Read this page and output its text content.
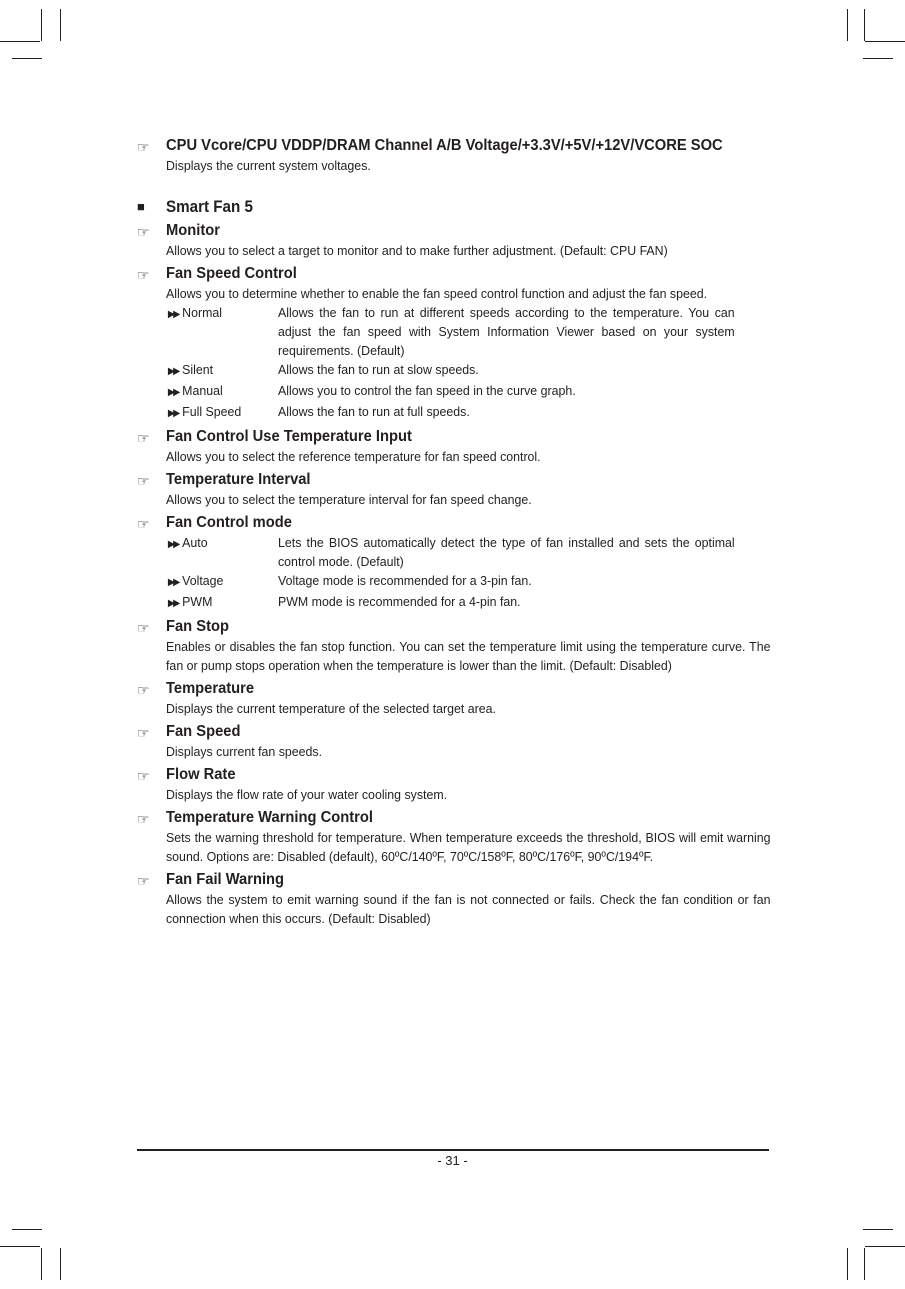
☞ CPU Vcore/CPU VDDP/DRAM Channel A/B Voltage/+3.3V/+5V/+12V/VCORE SOC

Displays the current system voltages.

■ Smart Fan 5

☞ Monitor

Allows you to select a target to monitor and to make further adjustment. (Default: CPU FAN)

☞ Fan Speed Control

Allows you to determine whether to enable the fan speed control function and adjust the fan speed.

▶▶ Normal	Allows the fan to run at different speeds according to the temperature. You can adjust the fan speed with System Information Viewer based on your system requirements. (Default)
▶▶ Silent	Allows the fan to run at slow speeds.
▶▶ Manual	Allows you to control the fan speed in the curve graph.
▶▶ Full Speed	Allows the fan to run at full speeds.
☞ Fan Control Use Temperature Input

Allows you to select the reference temperature for fan speed control.

☞ Temperature Interval

Allows you to select the temperature interval for fan speed change.

☞ Fan Control mode

▶▶ Auto	Lets the BIOS automatically detect the type of fan installed and sets the optimal control mode. (Default)
▶▶ Voltage	Voltage mode is recommended for a 3-pin fan.
▶▶ PWM	PWM mode is recommended for a 4-pin fan.
☞ Fan Stop

Enables or disables the fan stop function. You can set the temperature limit using the temperature curve. The fan or pump stops operation when the temperature is lower than the limit. (Default: Disabled)

☞ Temperature

Displays the current temperature of the selected target area.

☞ Fan Speed

Displays current fan speeds.

☞ Flow Rate

Displays the flow rate of your water cooling system.

☞ Temperature Warning Control

Sets the warning threshold for temperature. When temperature exceeds the threshold, BIOS will emit warning sound. Options are: Disabled (default), 60ºC/140ºF, 70ºC/158ºF, 80ºC/176ºF, 90ºC/194ºF.

☞ Fan Fail Warning

Allows the system to emit warning sound if the fan is not connected or fails. Check the fan condition or fan connection when this occurs. (Default: Disabled)

- 31 -
